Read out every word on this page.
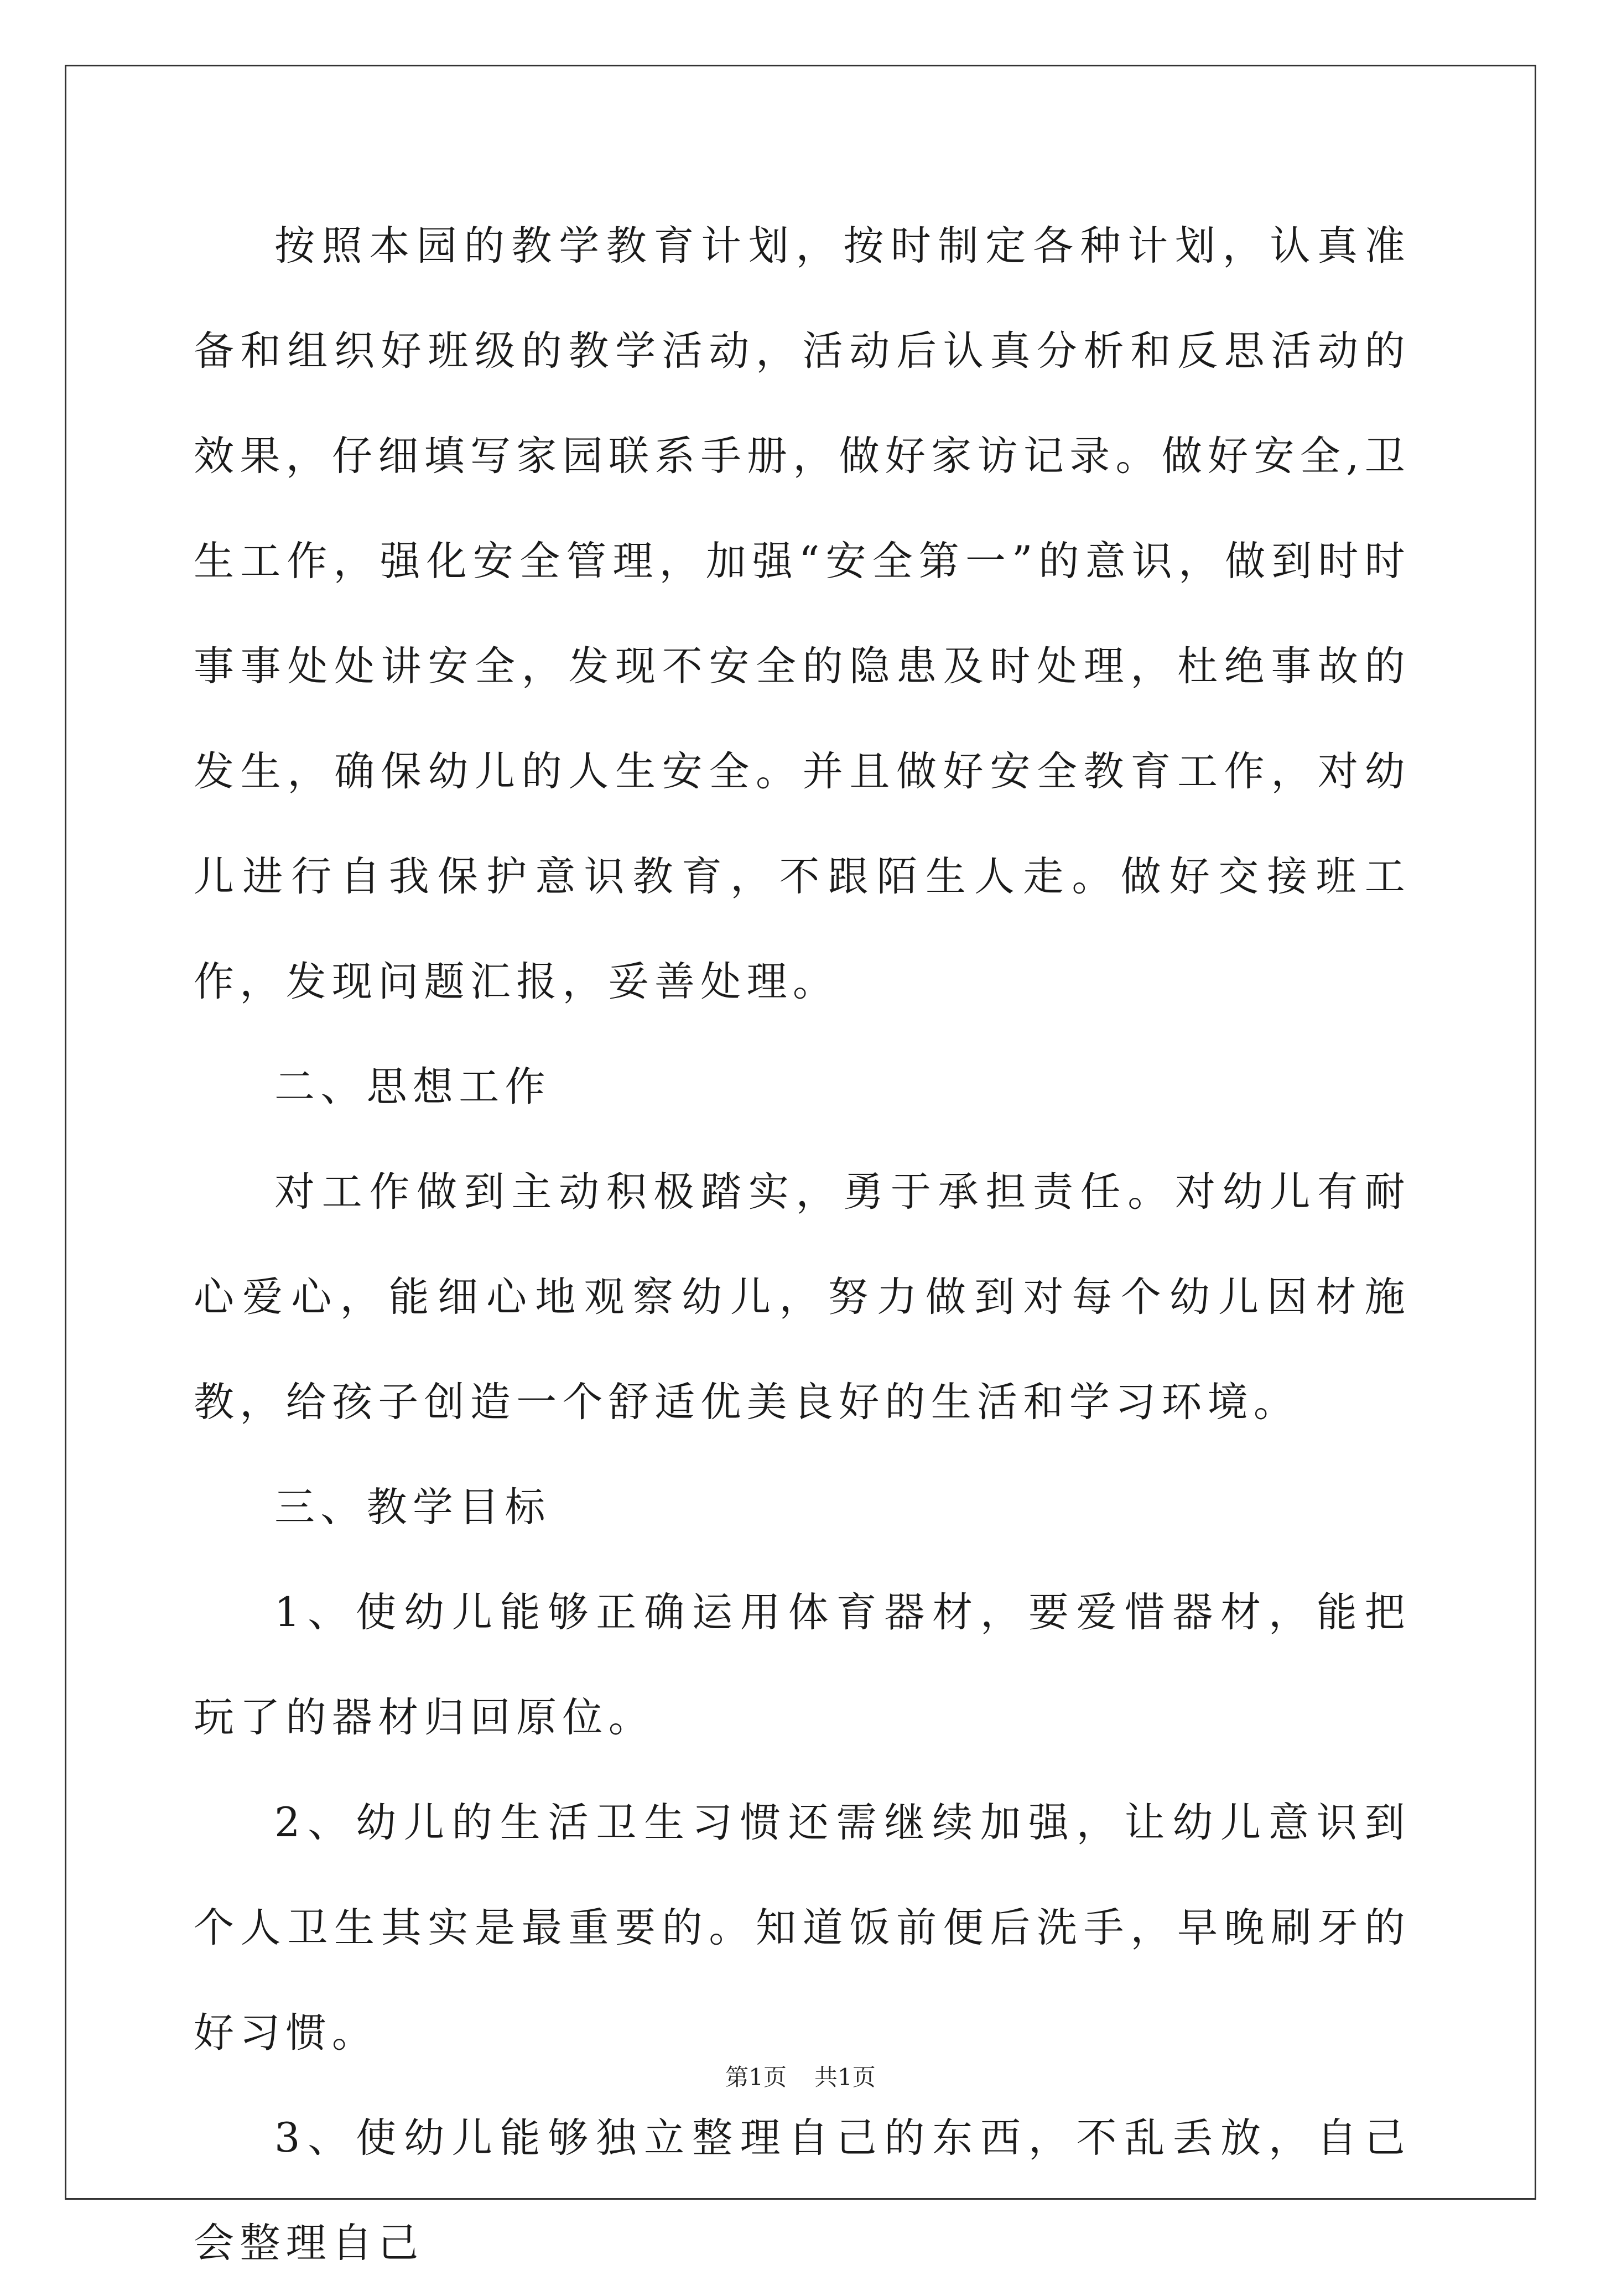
按照本园的教学教育计划，按时制定各种计划，认真准备和组织好班级的教学活动，活动后认真分析和反思活动的效果，仔细填写家园联系手册，做好家访记录。做好安全,卫生工作，强化安全管理，加强“安全第一”的意识，做到时时事事处处讲安全，发现不安全的隐患及时处理，杜绝事故的发生，确保幼儿的人生安全。并且做好安全教育工作，对幼儿进行自我保护意识教育，不跟陌生人走。做好交接班工作，发现问题汇报，妥善处理。

二、思想工作

对工作做到主动积极踏实，勇于承担责任。对幼儿有耐心爱心，能细心地观察幼儿，努力做到对每个幼儿因材施教，给孩子创造一个舒适优美良好的生活和学习环境。

三、教学目标

1、使幼儿能够正确运用体育器材，要爱惜器材，能把玩了的器材归回原位。

2、幼儿的生活卫生习惯还需继续加强，让幼儿意识到个人卫生其实是最重要的。知道饭前便后洗手，早晚刷牙的好习惯。

3、使幼儿能够独立整理自己的东西，不乱丢放，自己会整理自己

第1页 共1页
